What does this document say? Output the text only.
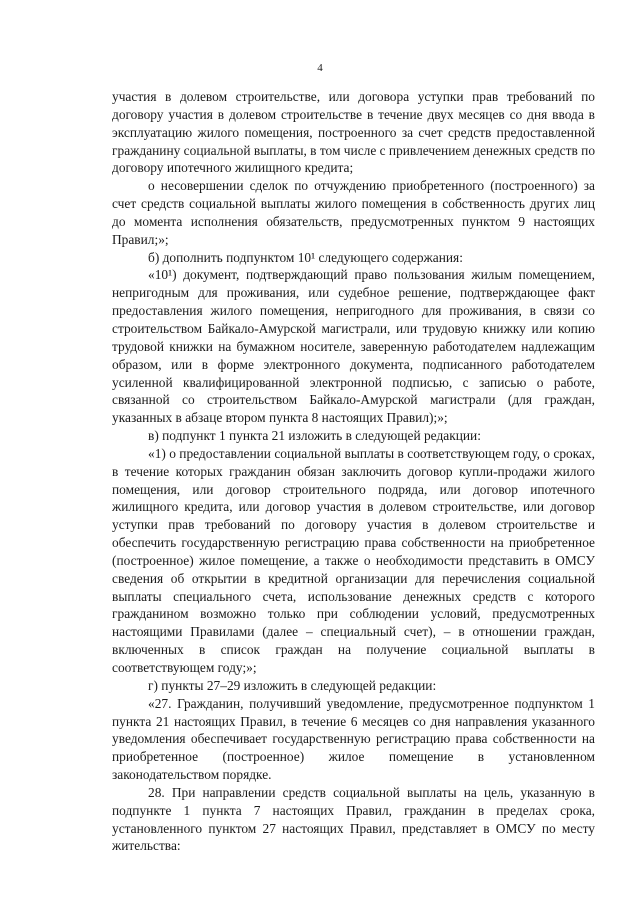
4

участия в долевом строительстве, или договора уступки прав требований по договору участия в долевом строительстве в течение двух месяцев со дня ввода в эксплуатацию жилого помещения, построенного за счет средств предоставленной гражданину социальной выплаты, в том числе с привлечением денежных средств по договору ипотечного жилищного кредита;

о несовершении сделок по отчуждению приобретенного (построенного) за счет средств социальной выплаты жилого помещения в собственность других лиц до момента исполнения обязательств, предусмотренных пунктом 9 настоящих Правил;»;

б) дополнить подпунктом 10¹ следующего содержания:

«10¹) документ, подтверждающий право пользования жилым помещением, непригодным для проживания, или судебное решение, подтверждающее факт предоставления жилого помещения, непригодного для проживания, в связи со строительством Байкало-Амурской магистрали, или трудовую книжку или копию трудовой книжки на бумажном носителе, заверенную работодателем надлежащим образом, или в форме электронного документа, подписанного работодателем усиленной квалифицированной электронной подписью, с записью о работе, связанной со строительством Байкало-Амурской магистрали (для граждан, указанных в абзаце втором пункта 8 настоящих Правил);»;

в) подпункт 1 пункта 21 изложить в следующей редакции:

«1) о предоставлении социальной выплаты в соответствующем году, о сроках, в течение которых гражданин обязан заключить договор купли-продажи жилого помещения, или договор строительного подряда, или договор ипотечного жилищного кредита, или договор участия в долевом строительстве, или договор уступки прав требований по договору участия в долевом строительстве и обеспечить государственную регистрацию права собственности на приобретенное (построенное) жилое помещение, а также о необходимости представить в ОМСУ сведения об открытии в кредитной организации для перечисления социальной выплаты специального счета, использование денежных средств с которого гражданином возможно только при соблюдении условий, предусмотренных настоящими Правилами (далее – специальный счет), – в отношении граждан, включенных в список граждан на получение социальной выплаты в соответствующем году;»;

г) пункты 27–29 изложить в следующей редакции:

«27. Гражданин, получивший уведомление, предусмотренное подпунктом 1 пункта 21 настоящих Правил, в течение 6 месяцев со дня направления указанного уведомления обеспечивает государственную регистрацию права собственности на приобретенное (построенное) жилое помещение в установленном законодательством порядке.

28. При направлении средств социальной выплаты на цель, указанную в подпункте 1 пункта 7 настоящих Правил, гражданин в пределах срока, установленного пунктом 27 настоящих Правил, представляет в ОМСУ по месту жительства:
